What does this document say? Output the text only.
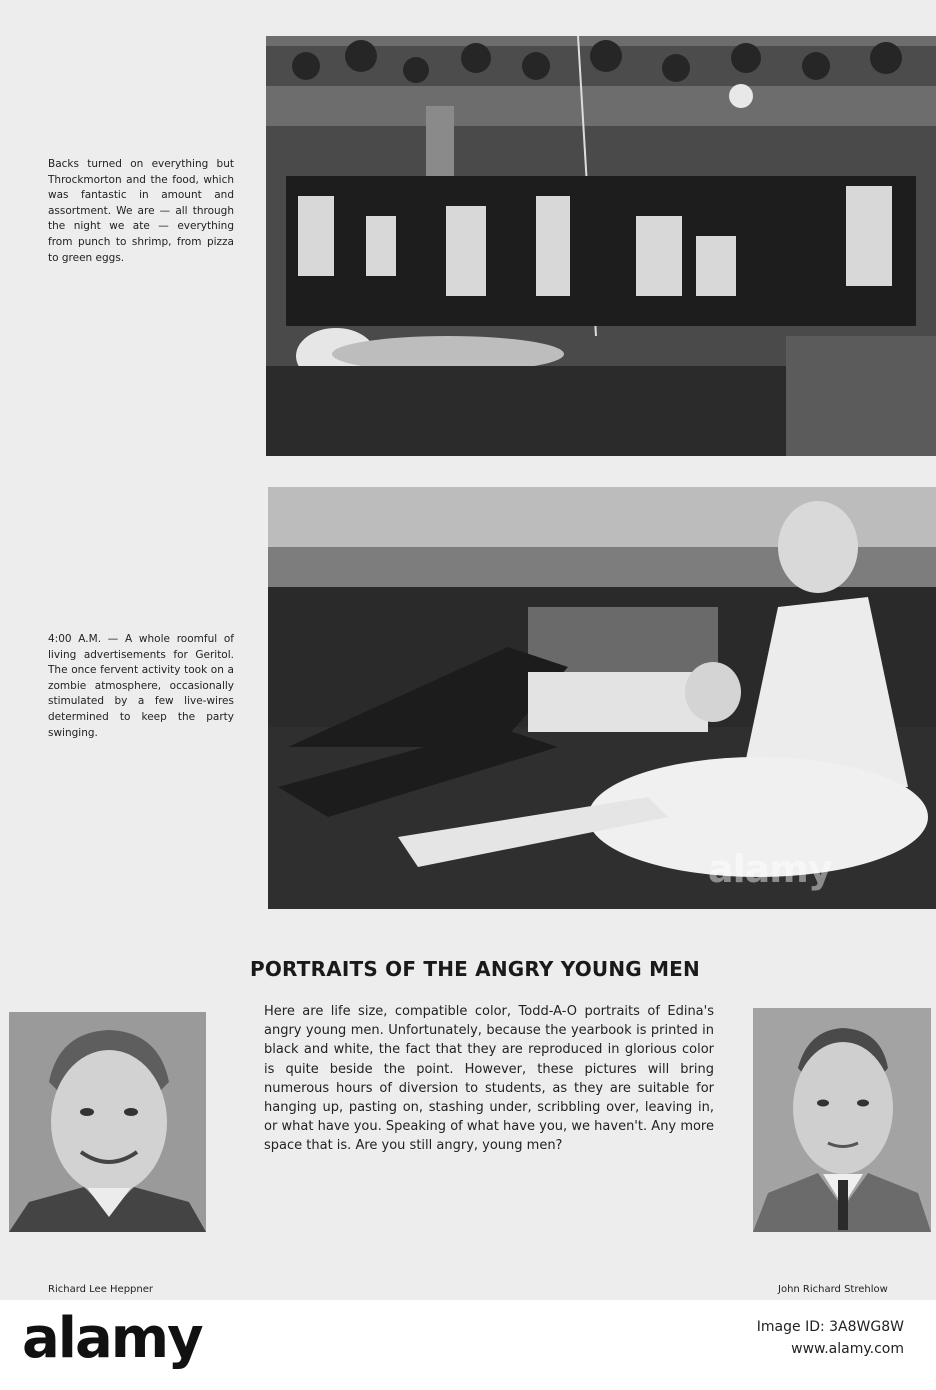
Backs turned on everything but Throckmorton and the food, which was fantastic in amount and assortment. We are — all through the night we ate — everything from punch to shrimp, from pizza to green eggs.
4:00 A.M. — A whole roomful of living advertisements for Geritol. The once fervent activity took on a zombie atmosphere, occasionally stimulated by a few live-wires determined to keep the party swinging.
alamy
PORTRAITS OF THE ANGRY YOUNG MEN
Here are life size, compatible color, Todd-A-O portraits of Edina's angry young men. Unfortunately, because the yearbook is printed in black and white, the fact that they are reproduced in glorious color is quite beside the point. However, these pictures will bring numerous hours of diversion to students, as they are suitable for hanging up, pasting on, stashing under, scribbling over, leaving in, or what have you. Speaking of what have you, we haven't. Any more space that is. Are you still angry, young men?
Richard Lee Heppner	John Richard Strehlow
alamy	Image ID: 3A8WG8W
www.alamy.com
